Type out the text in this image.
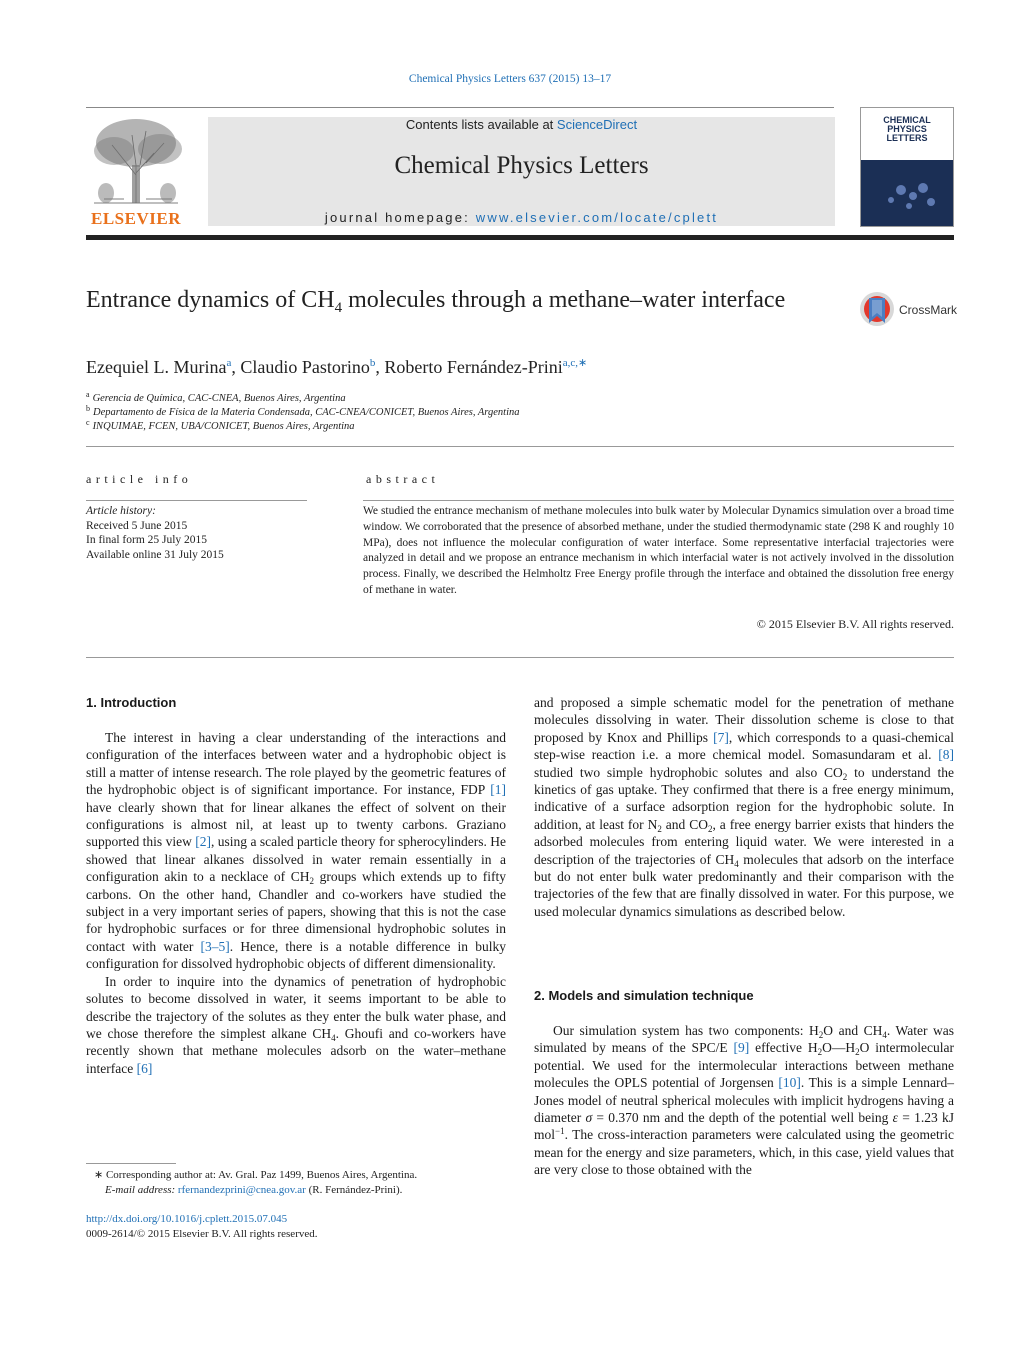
Chemical Physics Letters 637 (2015) 13–17
ELSEVIER
Contents lists available at ScienceDirect
Chemical Physics Letters
journal homepage: www.elsevier.com/locate/cplett
CHEMICAL
PHYSICS
LETTERS
Entrance dynamics of $CH_4$ molecules through a methane–water interface	CrossMark
Ezequiel L. Murina$^a$, Claudio Pastorino$^b$, Roberto Fernández-Prini$^{a,c,∗}$
$^a$ Gerencia de Química, CAC-CNEA, Buenos Aires, Argentina
$^b$ Departamento de Física de la Materia Condensada, CAC-CNEA/CONICET, Buenos Aires, Argentina
$^c$ INQUIMAE, FCEN, UBA/CONICET, Buenos Aires, Argentina
article info
Article history:
Received 5 June 2015
In final form 25 July 2015
Available online 31 July 2015
abstract
We studied the entrance mechanism of methane molecules into bulk water by Molecular Dynamics simulation over a broad time window. We corroborated that the presence of absorbed methane, under the studied thermodynamic state (298 K and roughly 10 MPa), does not influence the molecular configuration of water interface. Some representative interfacial trajectories were analyzed in detail and we propose an entrance mechanism in which interfacial water is not actively involved in the dissolution process. Finally, we described the Helmholtz Free Energy profile through the interface and obtained the dissolution free energy of methane in water.
© 2015 Elsevier B.V. All rights reserved.
1. Introduction

The interest in having a clear understanding of the interactions and configuration of the interfaces between water and a hydrophobic object is still a matter of intense research. The role played by the geometric features of the hydrophobic object is of significant importance. For instance, FDP [1] have clearly shown that for linear alkanes the effect of solvent on their configurations is almost nil, at least up to twenty carbons. Graziano supported this view [2], using a scaled particle theory for spherocylinders. He showed that linear alkanes dissolved in water remain essentially in a configuration akin to a necklace of $CH_2$ groups which extends up to fifty carbons. On the other hand, Chandler and co-workers have studied the subject in a very important series of papers, showing that this is not the case for hydrophobic surfaces or for three dimensional hydrophobic solutes in contact with water [3–5]. Hence, there is a notable difference in bulky configuration for dissolved hydrophobic objects of different dimensionality.

In order to inquire into the dynamics of penetration of hydrophobic solutes to become dissolved in water, it seems important to be able to describe the trajectory of the solutes as they enter the bulk water phase, and we chose therefore the simplest alkane $CH_4$. Ghoufi and co-workers have recently shown that methane molecules adsorb on the water–methane interface [6]

∗ Corresponding author at: Av. Gral. Paz 1499, Buenos Aires, Argentina.
E-mail address: rfernandezprini@cnea.gov.ar (R. Fernández-Prini).
http://dx.doi.org/10.1016/j.cplett.2015.07.045
0009-2614/© 2015 Elsevier B.V. All rights reserved.

and proposed a simple schematic model for the penetration of methane molecules dissolving in water. Their dissolution scheme is close to that proposed by Knox and Phillips [7], which corresponds to a quasi-chemical step-wise reaction i.e. a more chemical model. Somasundaram et al. [8] studied two simple hydrophobic solutes and also $CO_2$ to understand the kinetics of gas uptake. They confirmed that there is a free energy minimum, indicative of a surface adsorption region for the hydrophobic solute. In addition, at least for $N_2$ and $CO_2$, a free energy barrier exists that hinders the adsorbed molecules from entering liquid water. We were interested in a description of the trajectories of $CH_4$ molecules that adsorb on the interface but do not enter bulk water predominantly and their comparison with the trajectories of the few that are finally dissolved in water. For this purpose, we used molecular dynamics simulations as described below.

2. Models and simulation technique

Our simulation system has two components: $H_2O$ and $CH_4$. Water was simulated by means of the SPC/E [9] effective $H_2O—H_2O$ intermolecular potential. We used for the intermolecular interactions between methane molecules the OPLS potential of Jorgensen [10]. This is a simple Lennard–Jones model of neutral spherical molecules with implicit hydrogens having a diameter σ = 0.370 nm and the depth of the potential well being ε = 1.23 kJ mol$^{-1}$. The cross-interaction parameters were calculated using the geometric mean for the energy and size parameters, which, in this case, yield values that are very close to those obtained with the
